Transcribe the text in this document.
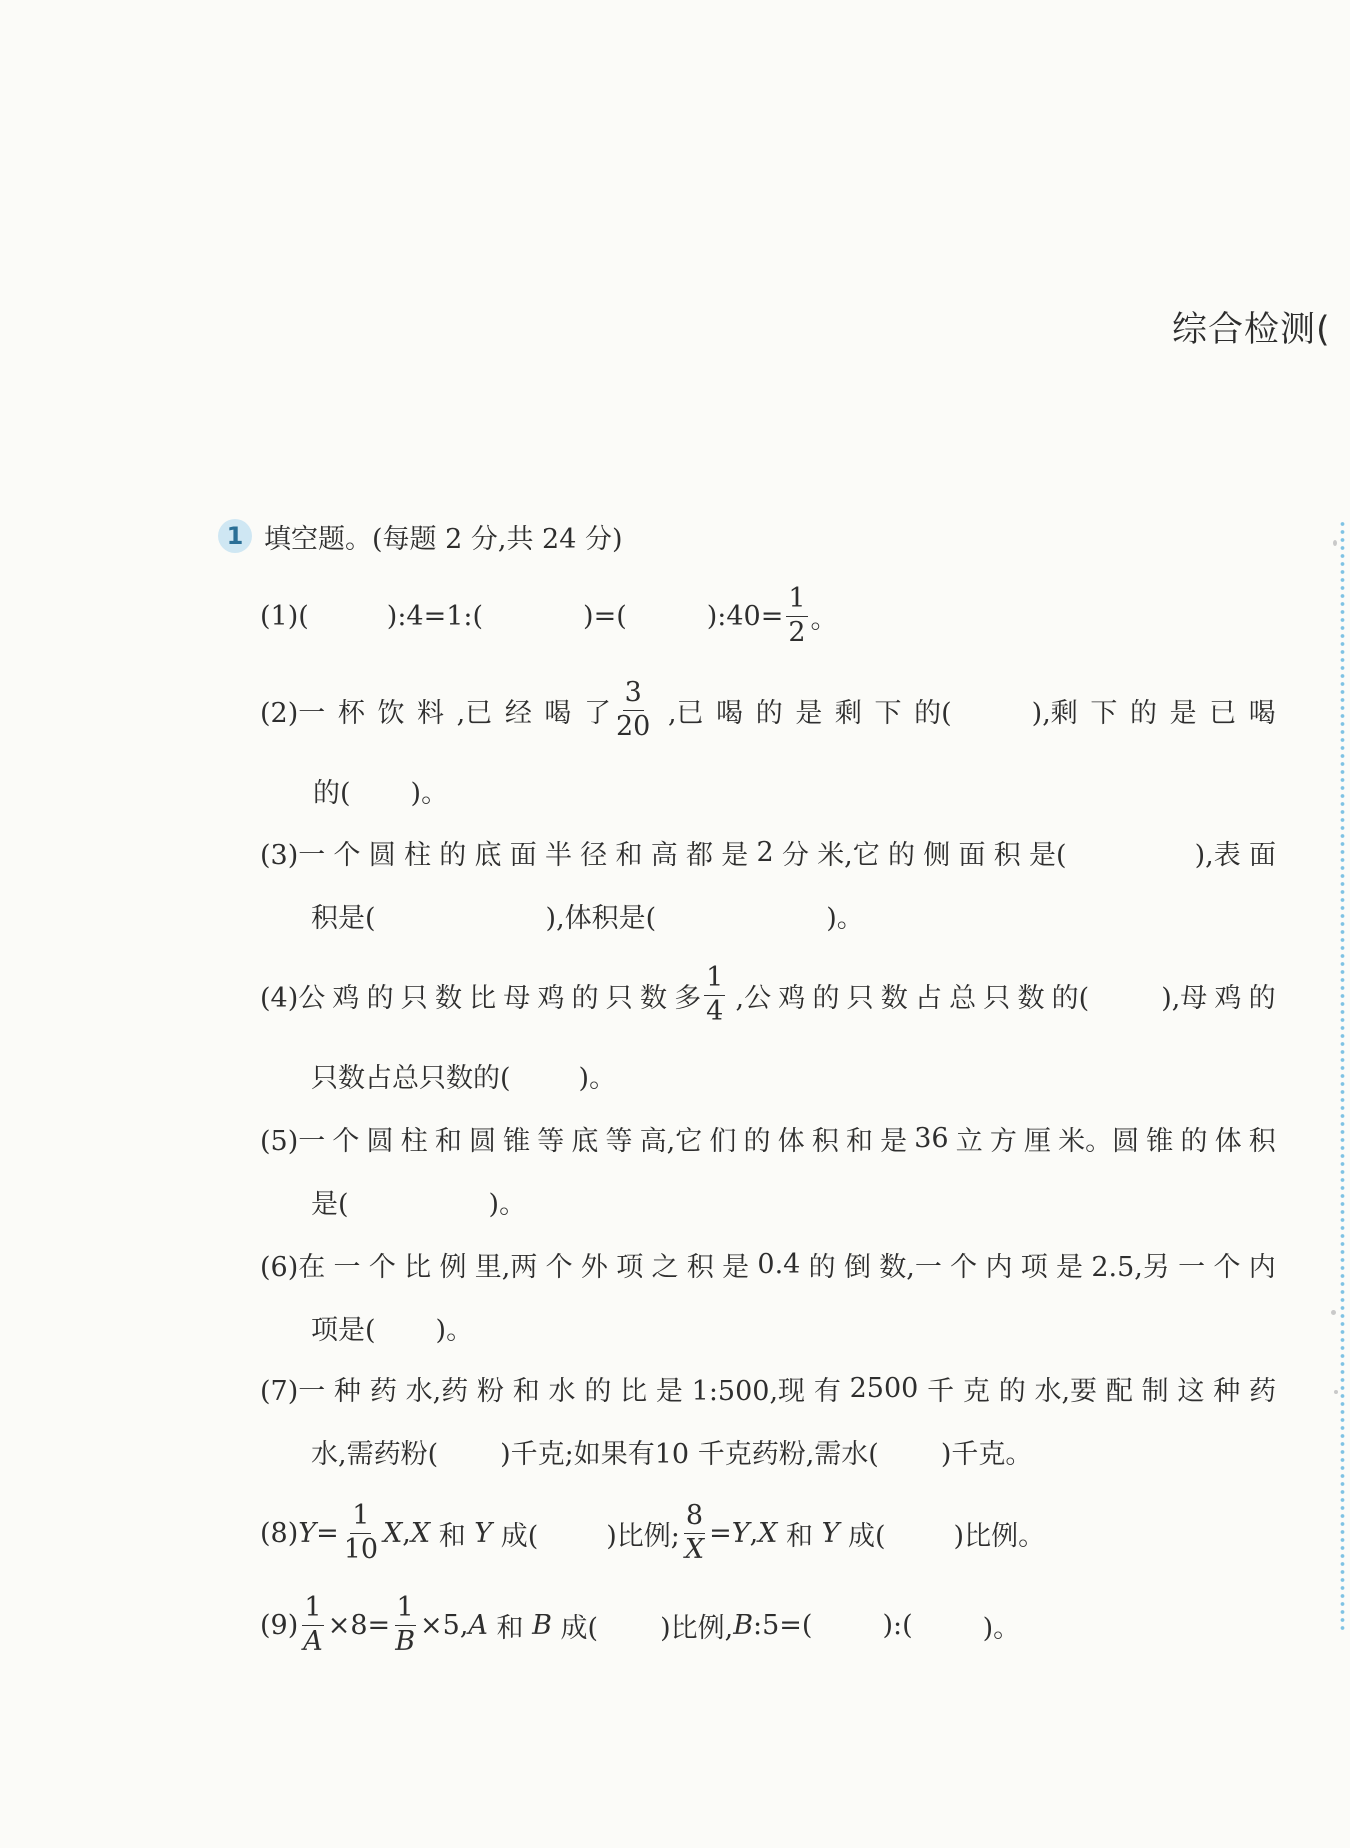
综合检测(
1 填空题。(每题 2 分,共 24 分)
(1)(	):4=1:(	)=(	):40= $\frac{1}{2}$ 。
(2)一 杯 饮 料 ,已 经 喝 了 $\frac{3}{20}$ ,已 喝 的 是 剩 下 的(	),剩 下 的 是 已 喝
的( )。
(3)一 个 圆 柱 的 底 面 半 径 和 高 都 是 2 分 米,它 的 侧 面 积 是(	),表 面
积是(	),体积是(	)。
(4)公 鸡 的 只 数 比 母 鸡 的 只 数 多 $\frac{1}{4}$ ,公 鸡 的 只 数 占 总 只 数 的(	),母 鸡 的
只数占总只数的(	)。
(5)一 个 圆 柱 和 圆 锥 等 底 等 高,它 们 的 体 积 和 是 36 立 方 厘 米。圆 锥 的 体 积
是(	)。
(6)在 一 个 比 例 里,两 个 外 项 之 积 是 0.4 的 倒 数,一 个 内 项 是 2.5,另 一 个 内
项是( )。
(7)一 种 药 水,药 粉 和 水 的 比 是 1:500,现 有 2500 千 克 的 水,要 配 制 这 种 药
水,需药粉( )千克;如果有10 千克药粉,需水( )千克。
(8) $Y = \frac{1}{10}$ X , X 和 Y 成(	)比例; $\frac{8}{X} = Y$ , X 和 Y 成(	)比例。
$(9) \frac{1}{A} \times 8= \frac{1}{B} \times 5$, A 和 B 成( )比例, B :5=(	):(	)。
